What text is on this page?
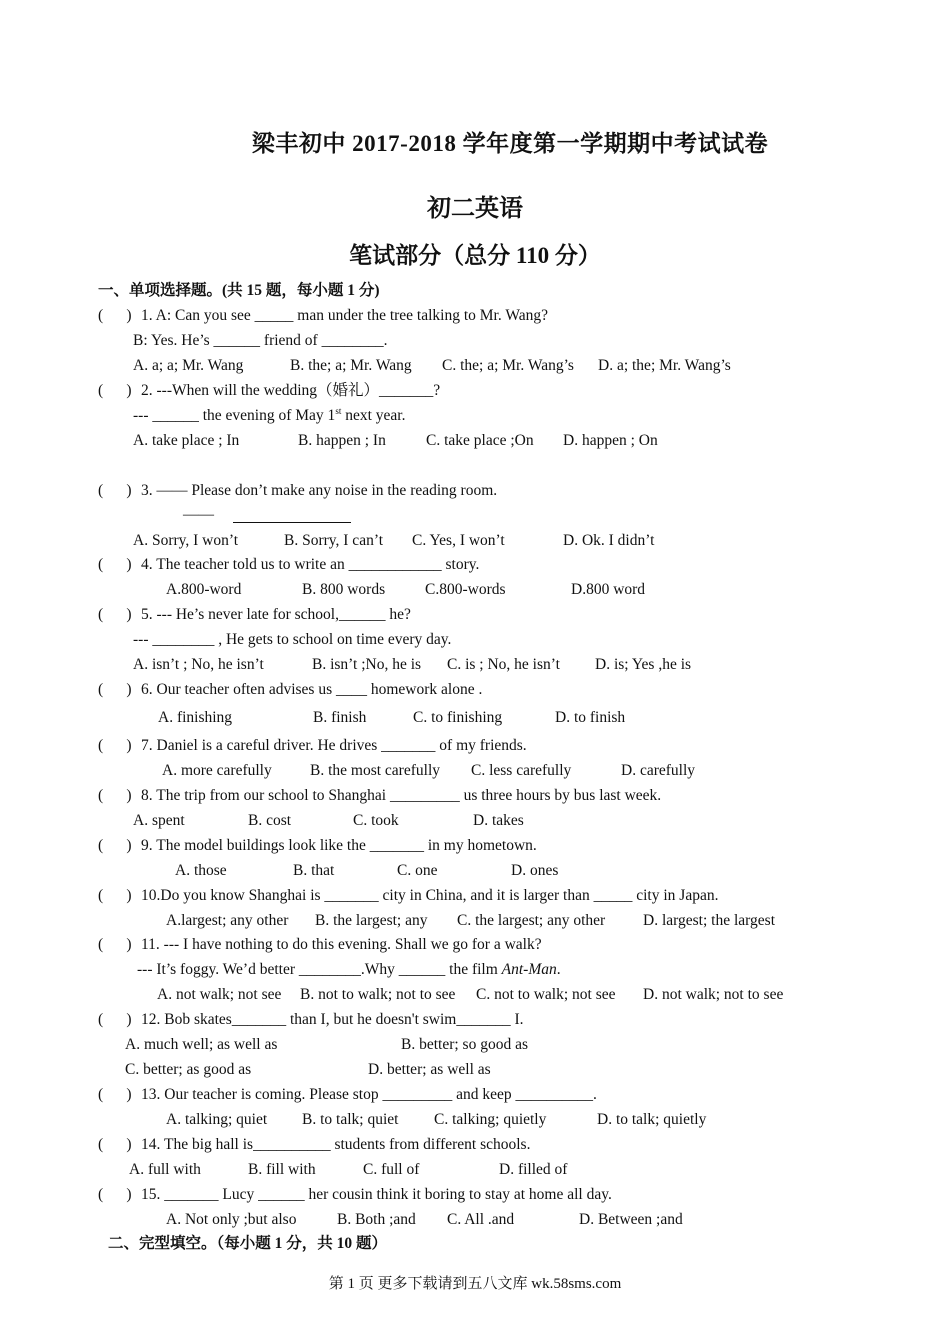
梁丰初中 2017-2018 学年度第一学期期中考试试卷
初二英语
笔试部分（总分 110 分）
一、单项选择题。(共 15 题，每小题 1 分)
(      ) 1. A: Can you see _____ man under the tree talking to Mr. Wang?
B: Yes. He’s ______ friend of ________.
A. a; a; Mr. Wang	B. the; a; Mr. Wang C. the; a; Mr. Wang’s D. a; the; Mr. Wang’s
(      ) 2. ---When will the wedding（婚礼）_______?
--- ______ the evening of May 1st next year.
A. take place ; In	B. happen ; In	C. take place ;On D. happen ; On
(      ) 3. —— Please don’t make any noise in the reading room.
——
A. Sorry, I won’t	B. Sorry, I can’t C. Yes, I won’t	D. Ok. I didn’t
(      ) 4. The teacher told us to write an ____________ story.
A.800-word	B. 800 words	C.800-words	D.800 word
(      ) 5. --- He’s never late for school,______ he?
--- ________ , He gets to school on time every day.
A. isn’t ; No, he isn’t	B. isn’t ;No, he is C. is ; No, he isn’t D. is; Yes ,he is
(      ) 6. Our teacher often advises us ____ homework alone .
A. finishing	B. finish	C. to finishing	D. to finish
(      ) 7. Daniel is a careful driver. He drives _______ of my friends.
A. more carefully B. the most carefully C. less carefully	D. carefully
(      ) 8. The trip from our school to Shanghai _________ us three hours by bus last week.
A. spent	B. cost	C. took	D. takes
(      ) 9. The model buildings look like the _______ in my hometown.
A. those	B. that	C. one	D. ones
(      ) 10.Do you know Shanghai is _______ city in China, and it is larger than _____ city in Japan.
A.largest; any other B. the largest; any C. the largest; any other D. largest; the largest
(      ) 11. --- I have nothing to do this evening. Shall we go for a walk?
--- It’s foggy. We’d better ________.Why ______ the film Ant-Man.
A. not walk; not see B. not to walk; not to see C. not to walk; not see D. not walk; not to see
(      ) 12. Bob skates_______ than I, but he doesn't swim_______ I.
A. much well; as well as	B. better; so good as
C. better; as good as	D. better; as well as
(      ) 13. Our teacher is coming. Please stop _________ and keep __________.
A. talking; quiet B. to talk; quiet C. talking; quietly	D. to talk; quietly
(      ) 14. The big hall is__________ students from different schools.
A. full with	B. fill with	C. full of	D. filled of
(      ) 15. _______ Lucy ______ her cousin think it boring to stay at home all day.
A. Not only ;but also	B. Both ;and C. All .and	D. Between ;and
二、完型填空。（每小题 1 分，共 10 题）
第 1 页 更多下载请到五八文库 wk.58sms.com
